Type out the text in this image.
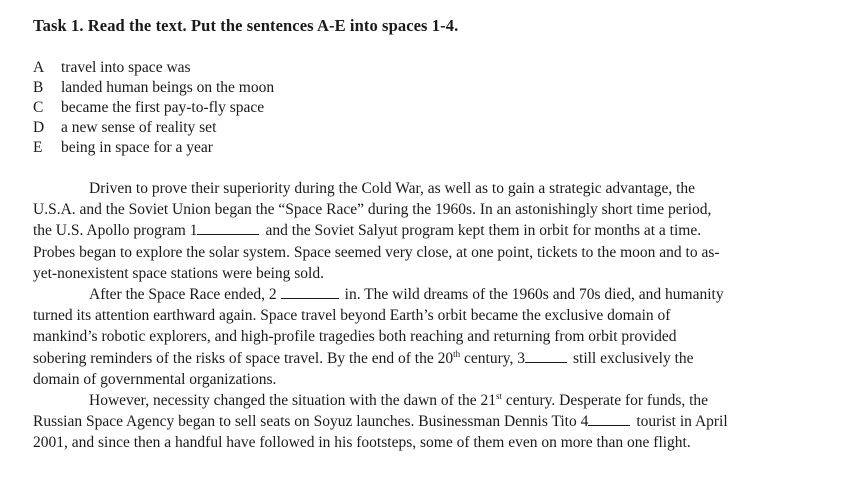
Task 1. Read the text. Put the sentences A-E into spaces 1-4.
A	travel into space was
B	landed human beings on the moon
C	became the first pay-to-fly space
D	a new sense of reality set
E	being in space for a year
Driven to prove their superiority during the Cold War, as well as to gain a strategic advantage, the
U.S.A. and the Soviet Union began the “Space Race” during the 1960s. In an astonishingly short time period,
the U.S. Apollo program 1	and the Soviet Salyut program kept them in orbit for months at a time.
Probes began to explore the solar system. Space seemed very close, at one point, tickets to the moon and to as-
yet-nonexistent space stations were being sold.
After the Space Race ended, 2	in. The wild dreams of the 1960s and 70s died, and humanity
turned its attention earthward again. Space travel beyond Earth’s orbit became the exclusive domain of
mankind’s robotic explorers, and high-profile tragedies both reaching and returning from orbit provided
sobering reminders of the risks of space travel. By the end of the 20th century, 3	still exclusively the
domain of governmental organizations.
However, necessity changed the situation with the dawn of the 21st century. Desperate for funds, the
Russian Space Agency began to sell seats on Soyuz launches. Businessman Dennis Tito 4	tourist in April
2001, and since then a handful have followed in his footsteps, some of them even on more than one flight.
